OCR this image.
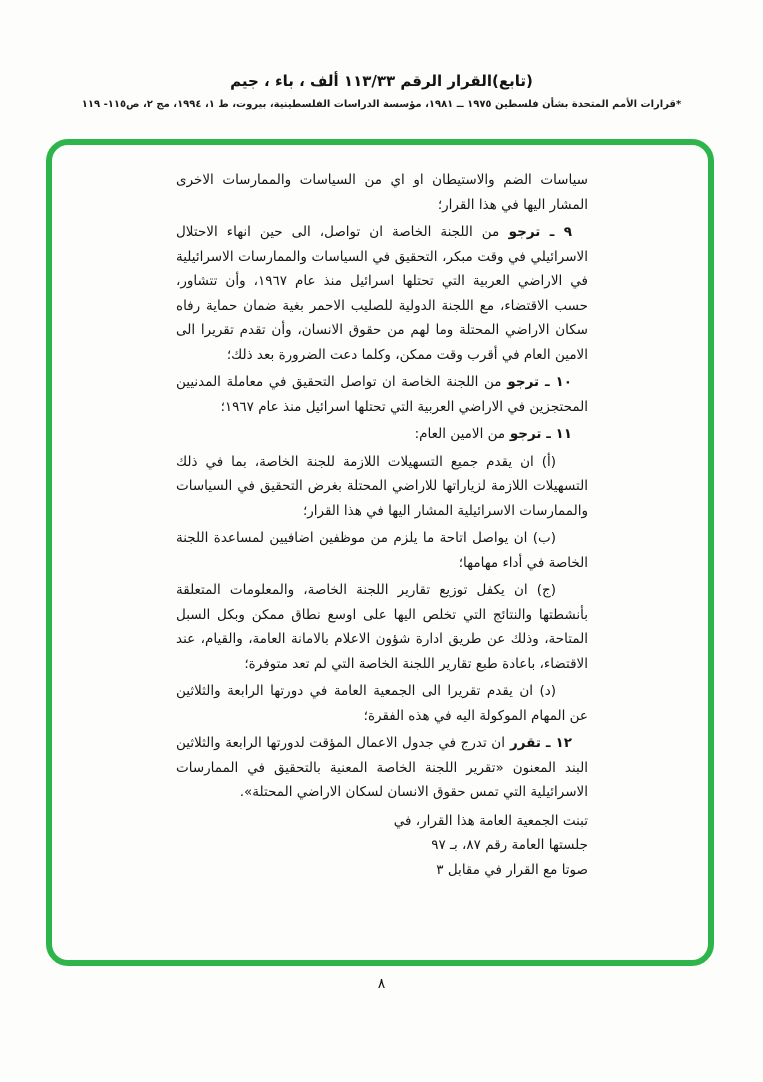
(تابع)القرار الرقم ١١٣/٣٣ ألف ، باء ، جيم
*قرارات الأمم المتحدة بشأن فلسطين ١٩٧٥ ــ ١٩٨١، مؤسسة الدراسات الفلسطينية، بيروت، ط ١، ١٩٩٤، مج ٢، ص١١٥- ١١٩

سياسات الضم والاستيطان او اي من السياسات والممارسات الاخرى المشار اليها في هذا القرار؛

٩ ـ ترجو من اللجنة الخاصة ان تواصل، الى حين انهاء الاحتلال الاسرائيلي في وقت مبكر، التحقيق في السياسات والممارسات الاسرائيلية في الاراضي العربية التي تحتلها اسرائيل منذ عام ١٩٦٧، وأن تتشاور، حسب الاقتضاء، مع اللجنة الدولية للصليب الاحمر بغية ضمان حماية رفاه سكان الاراضي المحتلة وما لهم من حقوق الانسان، وأن تقدم تقريرا الى الامين العام في أقرب وقت ممكن، وكلما دعت الضرورة بعد ذلك؛

١٠ ـ ترجو من اللجنة الخاصة ان تواصل التحقيق في معاملة المدنيين المحتجزين في الاراضي العربية التي تحتلها اسرائيل منذ عام ١٩٦٧؛

١١ ـ ترجو من الامين العام:

(أ) ان يقدم جميع التسهيلات اللازمة للجنة الخاصة، بما في ذلك التسهيلات اللازمة لزياراتها للاراضي المحتلة بغرض التحقيق في السياسات والممارسات الاسرائيلية المشار اليها في هذا القرار؛

(ب) ان يواصل اتاحة ما يلزم من موظفين اضافيين لمساعدة اللجنة الخاصة في أداء مهامها؛

(ج) ان يكفل توزيع تقارير اللجنة الخاصة، والمعلومات المتعلقة بأنشطتها والنتائج التي تخلص اليها على اوسع نطاق ممكن وبكل السبل المتاحة، وذلك عن طريق ادارة شؤون الاعلام بالامانة العامة، والقيام، عند الاقتضاء، باعادة طبع تقارير اللجنة الخاصة التي لم تعد متوفرة؛

(د) ان يقدم تقريرا الى الجمعية العامة في دورتها الرابعة والثلاثين عن المهام الموكولة اليه في هذه الفقرة؛

١٢ ـ تقرر ان تدرج في جدول الاعمال المؤقت لدورتها الرابعة والثلاثين البند المعنون «تقرير اللجنة الخاصة المعنية بالتحقيق في الممارسات الاسرائيلية التي تمس حقوق الانسان لسكان الاراضي المحتلة».

تبنت الجمعية العامة هذا القرار، في

جلستها العامة رقم ٨٧، بـ ٩٧

صوتا مع القرار في مقابل ٣

٨
